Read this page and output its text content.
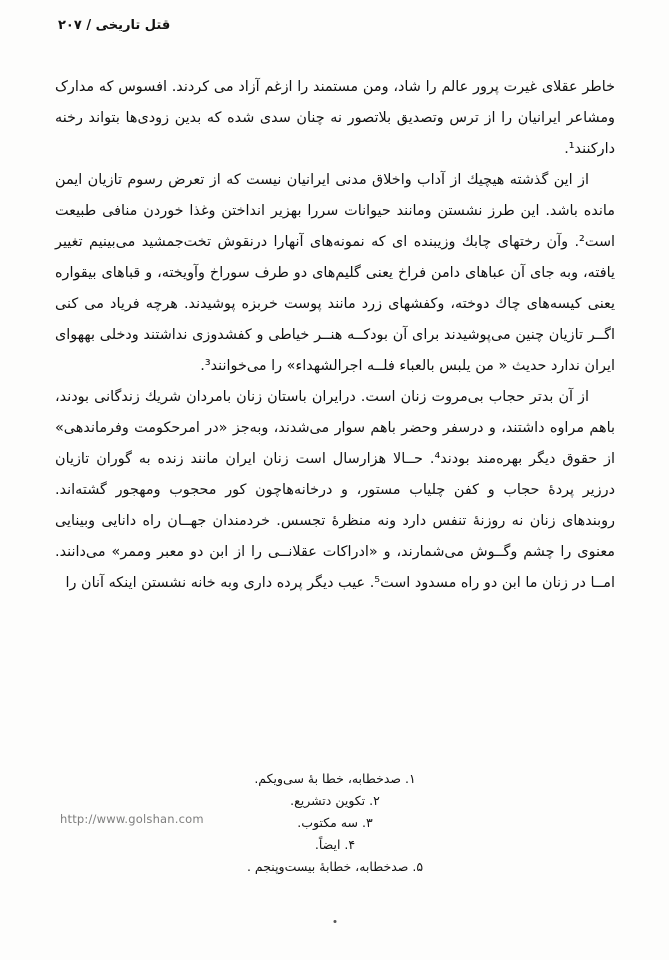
قتل تاریخی / ۲۰۷

خاطر عقلای غیرت پرور عالم را شاد، ومن مستمند را ازغم آزاد می کردند. افسوس که مدارک ومشاعر ایرانیان را از ترس وتصدیق بلاتصور نه چنان سدی شده که بدین زودی‌ها بتواند رخنه دارکنند¹.

از این گذشته هیچیك از آداب واخلاق مدنی ایرانیان نیست كه از تعرض رسوم تازیان ایمن مانده باشد. این طرز نشستن ومانند حیوانات سررا بهزیر انداختن وغذا خوردن منافی طبیعت است². وآن رختهای چابك وزیبنده ای كه نمونه‌های آنهارا درنقوش تخت‌جمشید می‌بینیم تغییر یافته، وبه جای آن عباهای دامن فراخ یعنی گلیم‌های دو طرف سوراخ وآویخته، و قباهای بیقواره یعنی کیسه‌های چاك دوخته، وكفشهای زرد مانند پوست خربزه پوشیدند. هرچه فریاد می كنی اگــر تازیان چنین می‌پوشیدند برای آن بودكــه هنــر خیاطی و كفشدوزی نداشتند ودخلی بههوای ایران ندارد حدیث « من یلبس بالعباء فلــه اجرالشهداء» را می‌خوانند³.

از آن بدتر حجاب بی‌مروت زنان است. درایران باستان زنان بامردان شریك زندگانی بودند، باهم مراوه داشتند، و درسفر وحضر باهم سوار می‌شدند، وبه‌جز «در امرحكومت وفرماندهی» از حقوق دیگر بهره‌مند بودند⁴. حــالا هزارسال است زنان ایران مانند زنده به گوران تازیان درزیر پردهٔ حجاب و كفن چلیاب مستور، و درخانه‌هاچون كور محجوب ومهجور گشته‌اند. روبندهای زنان نه روزنهٔ تنفس دارد ونه منظرهٔ تجسس. خردمندان جهــان راه دانایی وبینایی معنوی را چشم وگــوش می‌شمارند، و «ادراكات عقلانــی را از ابن دو معبر وممر» می‌دانند. امــا در زنان ما ابن دو راه مسدود است⁵. عیب دیگر پرده داری وبه خانه نشستن اینكه آنان را

۱. صدخطابه، خطا بهٔ سی‌ویكم.
۲. تكوین دتشریع.
۳. سه مكتوب.
۴. ایضاً.
۵. صدخطابه، خطابهٔ بیست‌وپنجم .
http://www.golshan.com
